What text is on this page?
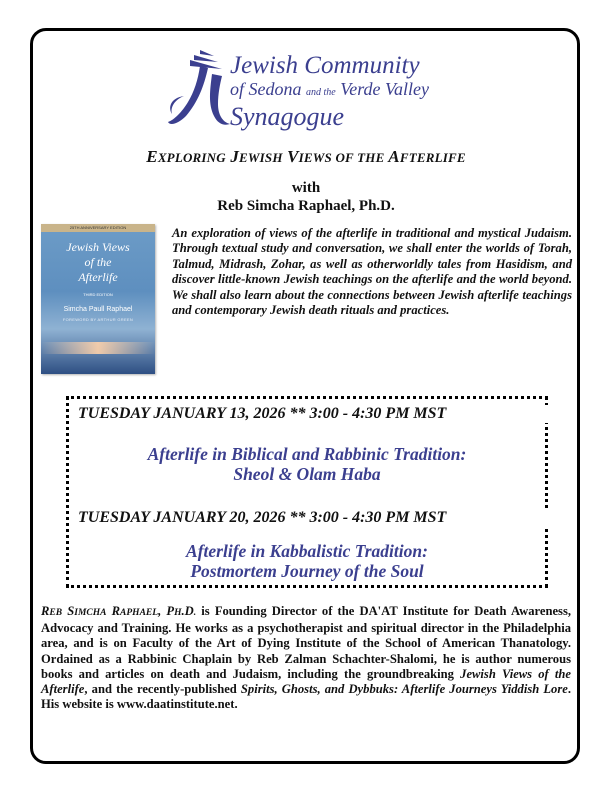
Jewish Community
of Sedona and the Verde Valley
Synagogue
EXPLORING JEWISH VIEWS OF THE AFTERLIFE
with
Reb Simcha Raphael, Ph.D.
25TH ANNIVERSARY EDITION
Jewish Views
of the
Afterlife
THIRD EDITION
Simcha Paull Raphael
FOREWORD BY ARTHUR GREEN
An exploration of views of the afterlife in traditional and mystical Judaism. Through textual study and conversation, we shall enter the worlds of Torah, Talmud, Midrash, Zohar, as well as otherworldly tales from Hasidism, and discover little-known Jewish teachings on the afterlife and the world beyond. We shall also learn about the connections between Jewish afterlife teachings and contemporary Jewish death rituals and practices.
TUESDAY JANUARY 13, 2026 ** 3:00 - 4:30 PM MST
Afterlife in Biblical and Rabbinic Tradition:
Sheol & Olam Haba
TUESDAY JANUARY 20, 2026 ** 3:00 - 4:30 PM MST
Afterlife in Kabbalistic Tradition:
Postmortem Journey of the Soul
REB SIMCHA RAPHAEL, PH.D. is Founding Director of the DA'AT Institute for Death Awareness, Advocacy and Training. He works as a psychotherapist and spiritual director in the Philadelphia area, and is on Faculty of the Art of Dying Institute of the School of American Thanatology. Ordained as a Rabbinic Chaplain by Reb Zalman Schachter-Shalomi, he is author numerous books and articles on death and Judaism, including the groundbreaking Jewish Views of the Afterlife, and the recently-published Spirits, Ghosts, and Dybbuks: Afterlife Journeys Yiddish Lore. His website is www.daatinstitute.net.
